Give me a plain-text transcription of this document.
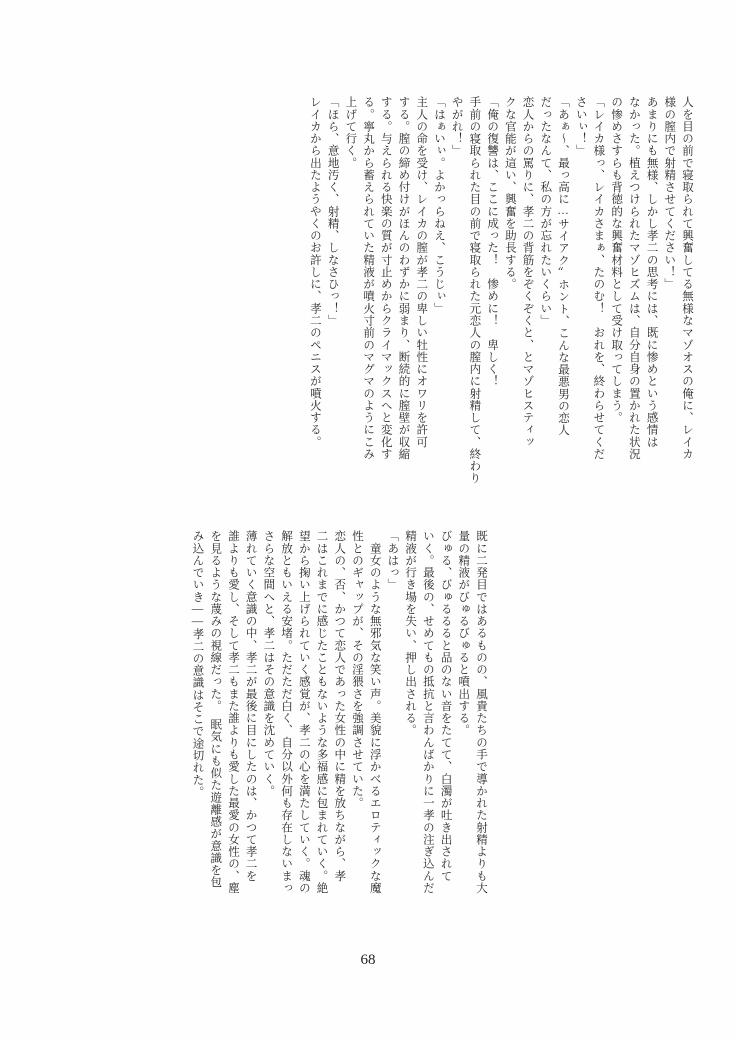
人を目の前で寝取られて興奮してる無様なマゾオスの俺に、レイカ
様の膣内で射精させてください！」
あまりにも無様、しかし孝二の思考には、既に惨めという感情は
なかった。植えつけられたマゾヒズムは、自分自身の置かれた状況
の惨めさすらも背徳的な興奮材料として受け取ってしまう。
「レイカ様っ、レイカさまぁ、たのむ！　おれを、終わらせてくだ
さいぃ！」
「あぁ～、最っ高に…サイアク〟ホント、こんな最悪男の恋人
だったなんて、私の方が忘れたいくらい」
恋人からの罵りに、孝二の背筋をぞくぞくと、とマゾヒスティッ
クな官能が這い、興奮を助長する。
「俺の復讐は、ここに成った！　惨めに！　卑しく！
手前の寝取られた目の前で寝取られた元恋人の膣内に射精して、終わり
やがれ！」
「はぁいぃ。よかっらねえ、こうじぃ」
主人の命を受け、レイカの膣が孝二の卑しい牡性にオワリを許可
する。膣の締め付けがほんのわずかに弱まり、断続的に膣壁が収縮
する。与えられる快楽の質が寸止めからクライマックスへと変化す
る。寧丸から蓄えられていた精液が噴火寸前のマグマのようにこみ
上げて行く。
「ほら、意地汚く、射精、しなさひっ！」
レイカから出たようやくのお許しに、孝二のペニスが噴火する。
既に二発目ではあるものの、風貴たちの手で導かれた射精よりも大
量の精液がびゅるびゅると噴出する。
びゅる、びゅるるると品のない音をたてて、白濁が吐き出されて
いく。最後の、せめてもの抵抗と言わんばかりに一孝の注ぎ込んだ
精液が行き場を失い、押し出される。
「あはっ」
　童女のような無邪気な笑い声。美貌に浮かべるエロティックな魔
性とのギャップが、その淫猥さを強調させていた。
恋人の、否、かつて恋人であった女性の中に精を放ちながら、孝
二はこれまでに感じたこともないような多福感に包まれていく。絶
望から掬い上げられていく感覚が、孝二の心を満たしていく。魂の
解放ともいえる安堵。ただただ白く、自分以外何も存在しないまっ
さらな空間へと、孝二はその意識を沈めていく。
薄れていく意識の中、孝二が最後に目にしたのは、かつて孝二を
誰よりも愛し、そして孝二もまた誰よりも愛した最愛の女性の、塵
を見るような蔑みの視線だった。　眠気にも似た遊離感が意識を包
み込んでいき――孝二の意識はそこで途切れた。
68
